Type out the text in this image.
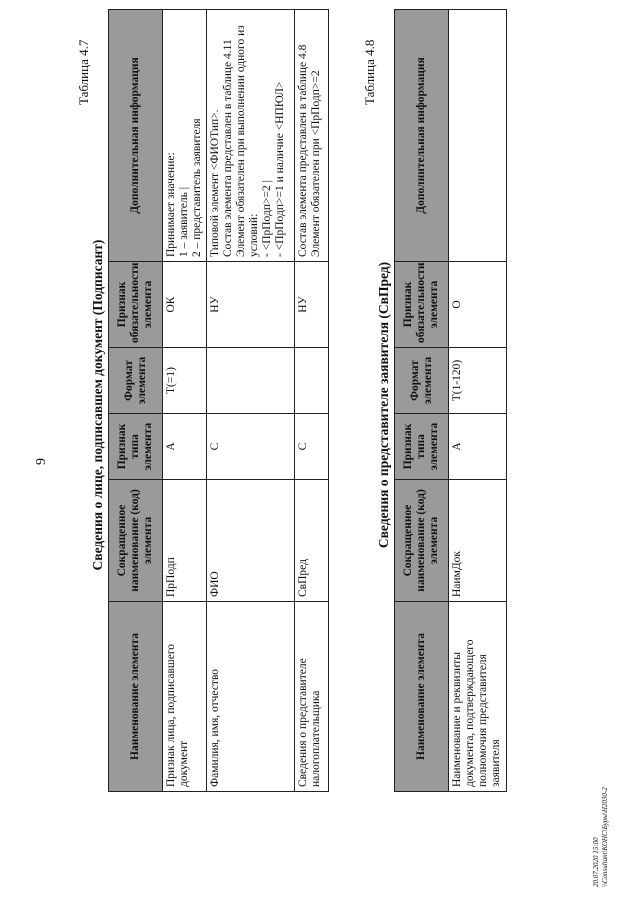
9
Таблица 4.7
Сведения о лице, подписавшем документ (Подписант)
Наименование элемента	Сокращенное наименование (код) элемента	Признак типа элемента	Формат элемента	Признак обязательности элемента	Дополнительная информация
Признак лица, подписавшего документ	ПрПодп	А	T(=1)	ОК	Принимает значение: 1 – заявитель | 2 – представитель заявителя

Фамилия, имя, отчество	ФИО	С		НУ	Типовой элемент <ФИОТип>. Состав элемента представлен в таблице 4.11 Элемент обязателен при выполнении одного из условий: - <ПрПодп>=2 | - <ПрПодп>=1 и наличие <НПЮЛ>

Сведения о представителе налогоплательщика	СвПред	С		НУ	Состав элемента представлен в таблице 4.8 Элемент обязателен при <ПрПодп>=2	Таблица 4.8
Сведения о представителе заявителя (СвПред)
Наименование элемента	Сокращенное наименование (код) элемента	Признак типа элемента	Формат элемента	Признак обязательности элемента	Дополнительная информация
Наименование и реквизиты документа, подтверждающего полномочия представителя заявителя	НаимДок	А	T(1-120)	О	
20.07.2020 15:00 \\Consultant\КОНС\Буры\Н2030-2
